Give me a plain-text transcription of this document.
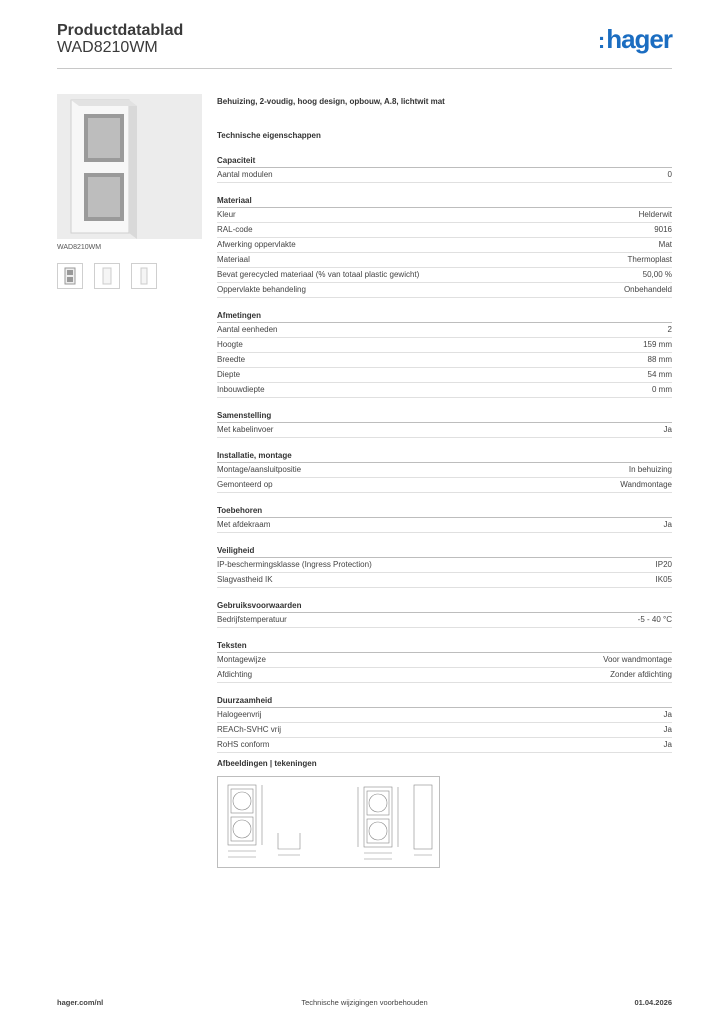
Productdatablad
WAD8210WM	:hager
WAD8210WM
Behuizing, 2-voudig, hoog design, opbouw, A.8, lichtwit mat
Technische eigenschappen
Capaciteit
Aantal modulen	0
Materiaal
Kleur	Helderwit
RAL-code	9016
Afwerking oppervlakte	Mat
Materiaal	Thermoplast
Bevat gerecycled materiaal (% van totaal plastic gewicht)	50,00 %
Oppervlakte behandeling	Onbehandeld
Afmetingen
Aantal eenheden	2
Hoogte	159 mm
Breedte	88 mm
Diepte	54 mm
Inbouwdiepte	0 mm
Samenstelling
Met kabelinvoer	Ja
Installatie, montage
Montage/aansluitpositie	In behuizing
Gemonteerd op	Wandmontage
Toebehoren
Met afdekraam	Ja
Veiligheid
IP-beschermingsklasse (Ingress Protection)	IP20
Slagvastheid IK	IK05
Gebruiksvoorwaarden
Bedrijfstemperatuur	-5 - 40 °C
Teksten
Montagewijze	Voor wandmontage
Afdichting	Zonder afdichting
Duurzaamheid
Halogeenvrij	Ja
REACh-SVHC vrij	Ja
RoHS conform	Ja
Afbeeldingen | tekeningen
Technische wijzigingen voorbehouden
hager.com/nl	01.04.2026
